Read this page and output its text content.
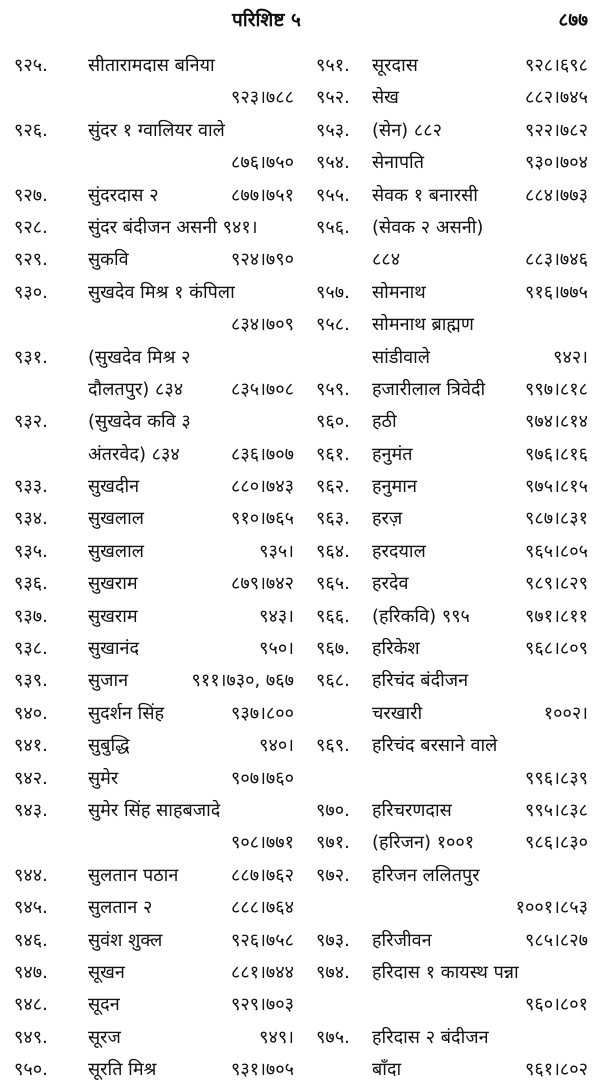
परिशिष्ट ५	८७७
९२५. सीतारामदास बनिया
९२३।७८८
९२६. सुंदर १ ग्वालियर वाले
८७६।७५०
९२७. सुंदरदास २	८७७।७५१
९२८. सुंदर बंदीजन असनी ९४१।
९२९. सुकवि	९२४।७९०
९३०. सुखदेव मिश्र १ कंपिला
८३४।७०९
९३१. (सुखदेव मिश्र २
दौलतपुर) ८३४	८३५।७०८
९३२. (सुखदेव कवि ३
अंतरवेद) ८३४	८३६।७०७
९३३. सुखदीन	८८०।७४३
९३४. सुखलाल	९१०।७६५
९३५. सुखलाल	९३५।
९३६. सुखराम	८७९।७४२
९३७. सुखराम	९४३।
९३८. सुखानंद	९५०।
९३९. सुजान	९११।७३०, ७६७
९४०. सुदर्शन सिंह	९३७।८००
९४१. सुबुद्धि	९४०।
९४२. सुमेर	९०७।७६०
९४३. सुमेर सिंह साहबजादे
९०८।७७१
९४४. सुलतान पठान	८८७।७६२
९४५. सुलतान २	८८८।७६४
९४६. सुवंश शुक्ल	९२६।७५८
९४७. सूखन	८८१।७४४
९४८. सूदन	९२९।७०३
९४९. सूरज	९४९।
९५०. सूरति मिश्र	९३१।७०५
९५१. सूरदास	९२८।६९८
९५२. सेख	८८२।७४५
९५३. (सेन) ८८२	९२२।७८२
९५४. सेनापति	९३०।७०४
९५५. सेवक १ बनारसी	८८४।७७३
९५६. (सेवक २ असनी)
८८४	८८३।७४६
९५७. सोमनाथ	९१६।७७५
९५८. सोमनाथ ब्राह्मण
सांडीवाले	९४२।
९५९. हजारीलाल त्रिवेदी ९९७।८१८
९६०. हठी	९७४।८१४
९६१. हनुमंत	९७६।८१६
९६२. हनुमान	९७५।८१५
९६३. हरज़	९८७।८३१
९६४. हरदयाल	९६५।८०५
९६५. हरदेव	९८९।८२९
९६६. (हरिकवि) ९९५	९७१।८११
९६७. हरिकेश	९६८।८०९
९६८. हरिचंद बंदीजन
चरखारी	१००२।
९६९. हरिचंद बरसाने वाले
९९६।८३९
९७०. हरिचरणदास	९९५।८३८
९७१. (हरिजन) १००१	९८६।८३०
९७२. हरिजन ललितपुर
१००१।८५३
९७३. हरिजीवन	९८५।८२७
९७४. हरिदास १ कायस्थ पन्ना
९६०।८०१
९७५. हरिदास २ बंदीजन
बाँदा	९६१।८०२
